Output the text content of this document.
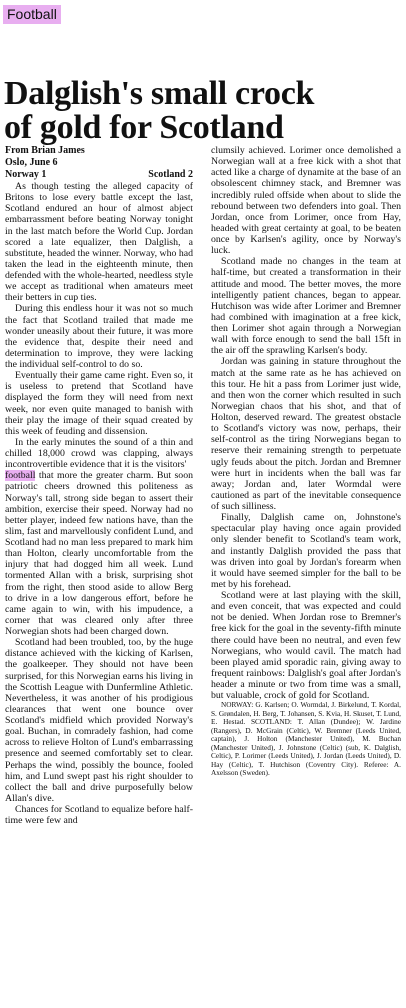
Football
Dalglish's small crock
of gold for Scotland
From Brian James
Oslo, June 6
Norway 1	Scotland 2

As though testing the alleged capacity of Britons to lose every battle except the last, Scotland endured an hour of almost abject embarrassment before beating Norway tonight in the last match before the World Cup. Jordan scored a late equalizer, then Dalglish, a substitute, headed the winner. Norway, who had taken the lead in the eighteenth minute, then defended with the whole-hearted, needless style we accept as traditional when amateurs meet their betters in cup ties.

During this endless hour it was not so much the fact that Scotland trailed that made me wonder uneasily about their future, it was more the evidence that, despite their need and determination to improve, they were lacking the individual self-control to do so.

Eventually their game came right. Even so, it is useless to pretend that Scotland have displayed the form they will need from next week, nor even quite managed to banish with their play the image of their squad created by this week of feuding and dissension.

In the early minutes the sound of a thin and chilled 18,000 crowd was clapping, always incontrovertible evidence that it is the visitors'

football that more the greater charm. But soon patriotic cheers drowned this politeness as Norway's tall, strong side began to assert their ambition, exercise their speed. Norway had no better player, indeed few nations have, than the slim, fast and marvellously confident Lund, and Scotland had no man less prepared to mark him than Holton, clearly uncomfortable from the injury that had dogged him all week. Lund tormented Allan with a brisk, surprising shot from the right, then stood aside to allow Berg to drive in a low dangerous effort, before he came again to win, with his impudence, a corner that was cleared only after three Norwegian shots had been charged down.

Scotland had been troubled, too, by the huge distance achieved with the kicking of Karlsen, the goalkeeper. They should not have been surprised, for this Norwegian earns his living in the Scottish League with Dunfermline Athletic. Nevertheless, it was another of his prodigious clearances that went one bounce over Scotland's midfield which provided Norway's goal. Buchan, in comradely fashion, had come across to relieve Holton of Lund's embarrassing presence and seemed comfortably set to clear. Perhaps the wind, possibly the bounce, fooled him, and Lund swept past his right shoulder to collect the ball and drive purposefully below Allan's dive.

Chances for Scotland to equalize before half-time were few and

clumsily achieved. Lorimer once demolished a Norwegian wall at a free kick with a shot that acted like a charge of dynamite at the base of an obsolescent chimney stack, and Bremner was incredibly ruled offside when about to slide the rebound between two defenders into goal. Then Jordan, once from Lorimer, once from Hay, headed with great certainty at goal, to be beaten once by Karlsen's agility, once by Norway's luck.

Scotland made no changes in the team at half-time, but created a transformation in their attitude and mood. The better moves, the more intelligently patient chances, began to appear. Hutchison was wide after Lorimer and Bremner had combined with imagination at a free kick, then Lorimer shot again through a Norwegian wall with force enough to send the ball 15ft in the air off the sprawling Karlsen's body.

Jordan was gaining in stature throughout the match at the same rate as he has achieved on this tour. He hit a pass from Lorimer just wide, and then won the corner which resulted in such Norwegian chaos that his shot, and that of Holton, deserved reward. The greatest obstacle to Scotland's victory was now, perhaps, their self-control as the tiring Norwegians began to reserve their remaining strength to perpetuate ugly feuds about the pitch. Jordan and Bremner were hurt in incidents when the ball was far away; Jordan and, later Wormdal were cautioned as part of the inevitable consequence of such silliness.

Finally, Dalglish came on, Johnstone's spectacular play having once again provided only slender benefit to Scotland's team work, and instantly Dalglish provided the pass that was driven into goal by Jordan's forearm when it would have seemed simpler for the ball to be met by his forehead.

Scotland were at last playing with the skill, and even conceit, that was expected and could not be denied. When Jordan rose to Bremner's free kick for the goal in the seventy-fifth minute there could have been no neutral, and even few Norwegians, who would cavil. The match had been played amid sporadic rain, giving away to frequent rainbows: Dalglish's goal after Jordan's header a minute or two from time was a small, but valuable, crock of gold for Scotland.

NORWAY: G. Karlsen; O. Wormdal, J. Birkelund, T. Kordal, S. Grøndalen, H. Berg, T. Johansen, S. Kvia, H. Skuset, T. Lund, E. Hestad. SCOTLAND: T. Allan (Dundee); W. Jardine (Rangers), D. McGrain (Celtic), W. Bremner (Leeds United, captain), J. Holton (Manchester United), M. Buchan (Manchester United), J. Johnstone (Celtic) (sub, K. Dalglish, Celtic), P. Lorimer (Leeds United), J. Jordan (Leeds United), D. Hay (Celtic), T. Hutchison (Coventry City). Referee: A. Axelsson (Sweden).
